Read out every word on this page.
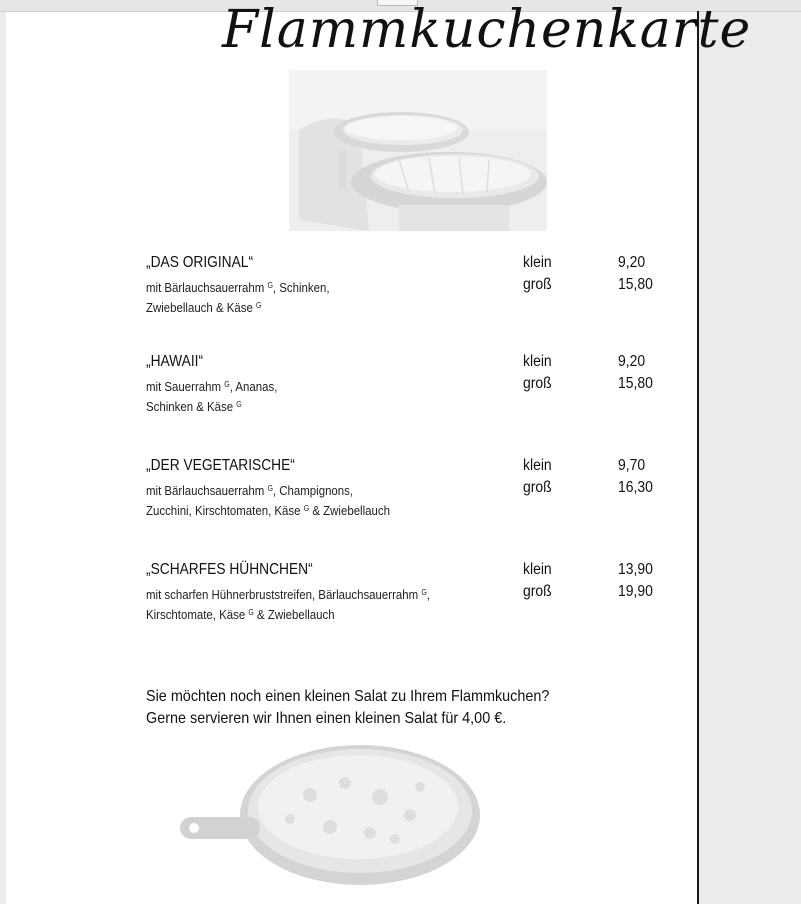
Flammkuchenkarte
„DAS ORIGINAL“
mit Bärlauchsauerrahm $^G$, Schinken,
Zwiebellauch & Käse $^G$
klein	9,20
groß	15,80
„HAWAII“
mit Sauerrahm $^G$, Ananas,
Schinken & Käse $^G$
klein	9,20
groß	15,80
„DER VEGETARISCHE“
mit Bärlauchsauerrahm $^G$, Champignons,
Zucchini, Kirschtomaten, Käse $^G$ & Zwiebellauch
klein	9,70
groß	16,30
„SCHARFES HÜHNCHEN“
mit scharfen Hühnerbruststreifen, Bärlauchsauerrahm $^G$,
Kirschtomate, Käse $^G$ & Zwiebellauch
klein	13,90
groß	19,90
Sie möchten noch einen kleinen Salat zu Ihrem Flammkuchen?
Gerne servieren wir Ihnen einen kleinen Salat für 4,00 €.
